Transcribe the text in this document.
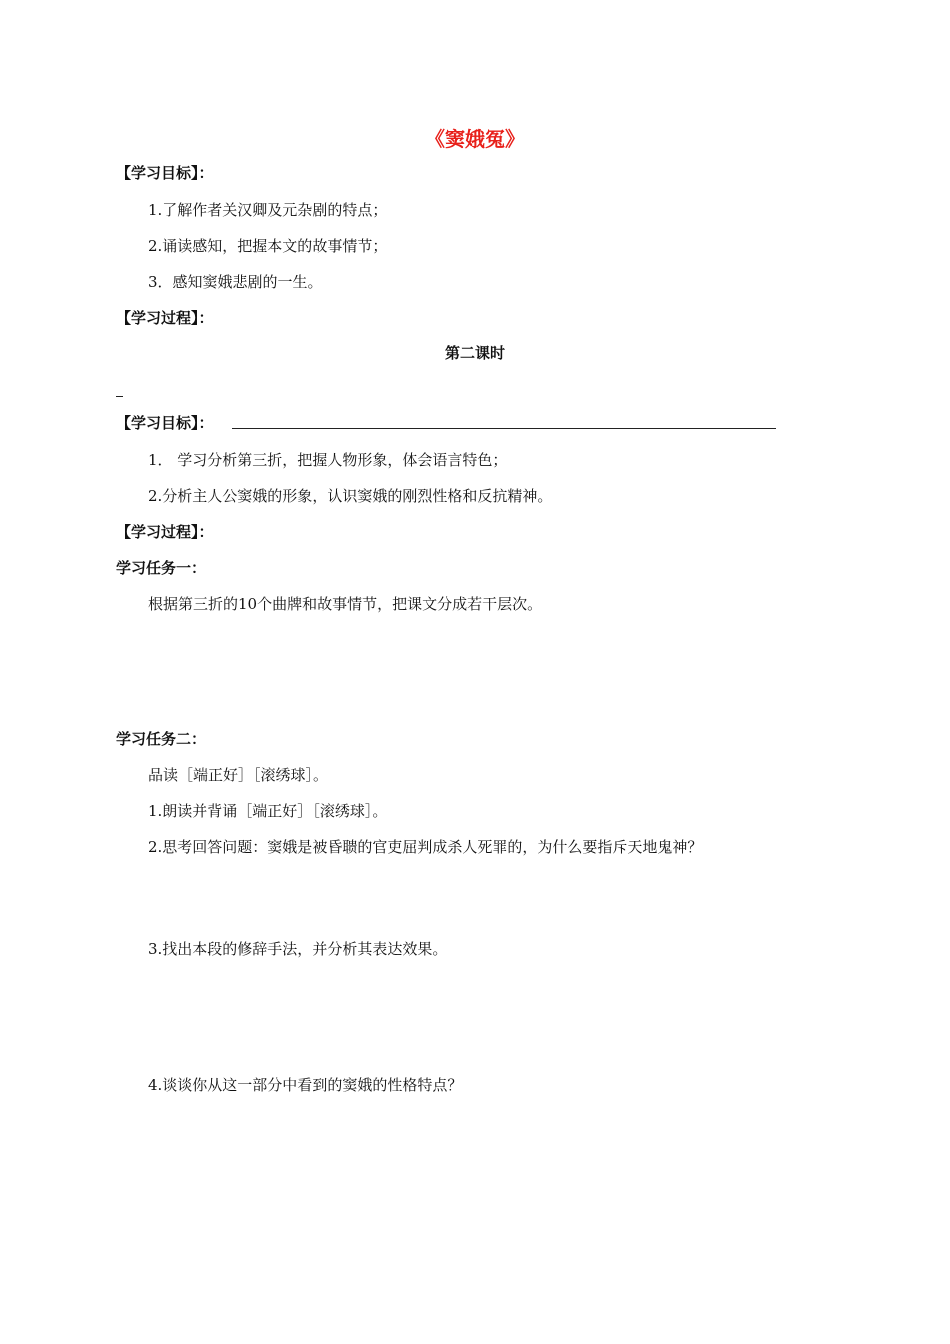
《窦娥冤》
【学习目标】：
1.了解作者关汉卿及元杂剧的特点；
2.诵读感知，把握本文的故事情节；
3．感知窦娥悲剧的一生。
【学习过程】：
第二课时
【学习目标】：
1． 学习分析第三折，把握人物形象，体会语言特色；
2.分析主人公窦娥的形象，认识窦娥的刚烈性格和反抗精神。
【学习过程】：
学习任务一：
根据第三折的10个曲牌和故事情节，把课文分成若干层次。
学习任务二：
品读［端正好］［滚绣球］。
1.朗读并背诵［端正好］［滚绣球］。
2.思考回答问题：窦娥是被昏聩的官吏屈判成杀人死罪的，为什么要指斥天地鬼神？
3.找出本段的修辞手法，并分析其表达效果。
4.谈谈你从这一部分中看到的窦娥的性格特点？
